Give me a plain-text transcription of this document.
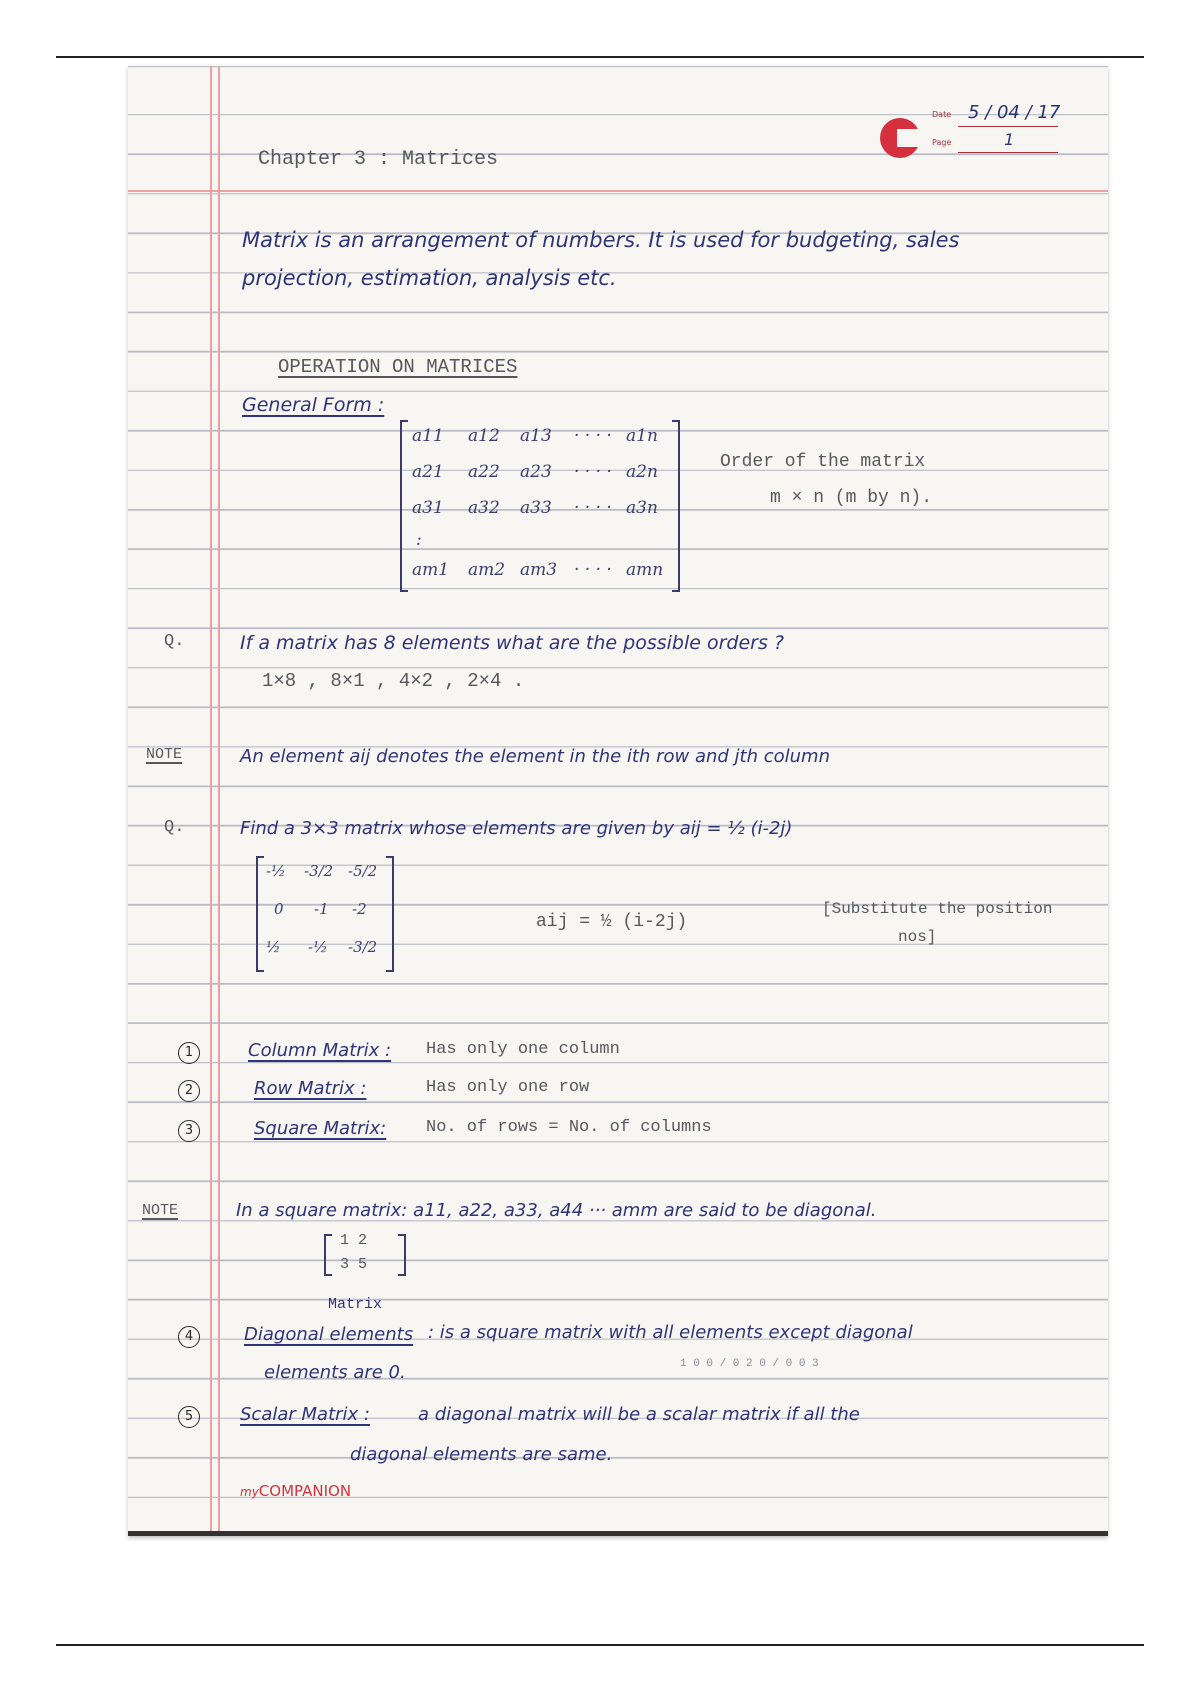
Date 5 / 04 / 17
Page	1
Chapter 3 : Matrices
Matrix is an arrangement of numbers. It is used for budgeting, sales
projection, estimation, analysis etc.
OPERATION ON MATRICES
General Form :
a11 a12 a13 · · · · a1n
a21 a22 a23 · · · · a2n
a31 a32 a33 · · · · a3n
:
am1 am2 am3 · · · · amn
Order of the matrix
m × n (m by n).
Q.	If a matrix has 8 elements what are the possible orders ?
1×8 , 8×1 , 4×2 , 2×4 .
NOTE	An element aij denotes the element in the ith row and jth column
Q.	Find a 3×3 matrix whose elements are given by aij = ½ (i-2j)
-½ -3/2 -5/2
0 -1 -2
½ -½ -3/2
aij = ½ (i-2j)
[Substitute the position
nos]
1	Column Matrix : Has only one column
2	Row Matrix :	Has only one row
3	Square Matrix: No. of rows = No. of columns
NOTE	In a square matrix: a11, a22, a33, a44 ··· amm are said to be diagonal.
1 2
3 5
4
Matrix
Diagonal elements : is a square matrix with all elements except diagonal
elements are 0.	1 0 0 / 0 2 0 / 0 0 3
5	Scalar Matrix :	a diagonal matrix will be a scalar matrix if all the
diagonal elements are same.
myCOMPANION
